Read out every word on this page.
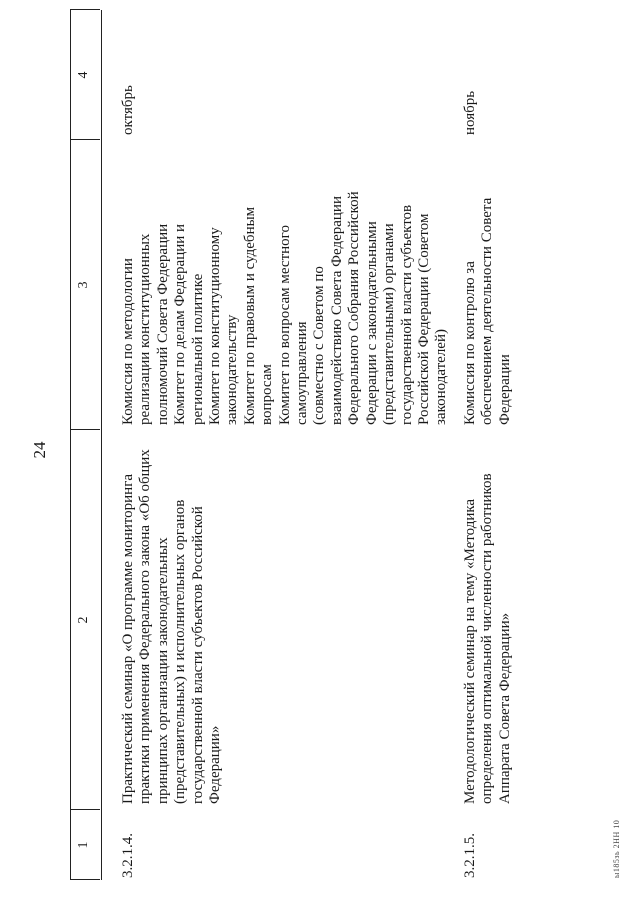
24
1
2
3
4
3.2.1.4.
Практический семинар «О программе мониторинга практики применения Федерального закона «Об общих принципах организации законодательных (представительных) и исполнительных органов государственной власти субъектов Российской Федерации»
Комиссия по методологии реализации конституционных полномочий Совета Федерации Комитет по делам Федерации и региональной политике Комитет по конституционному законодательству Комитет по правовым и судебным вопросам Комитет по вопросам местного самоуправления (совместно с Советом по взаимодействию Совета Федерации Федерального Собрания Российской Федерации с законодательными (представительными) органами государственной власти субъектов Российской Федерации (Советом законодателей)
октябрь
3.2.1.5.
Методологический семинар на тему «Методика определения оптимальной численности работников Аппарата Совета Федерации»
Комиссия по контролю за обеспечением деятельности Совета Федерации
ноябрь
ы185зь 2НН 10
